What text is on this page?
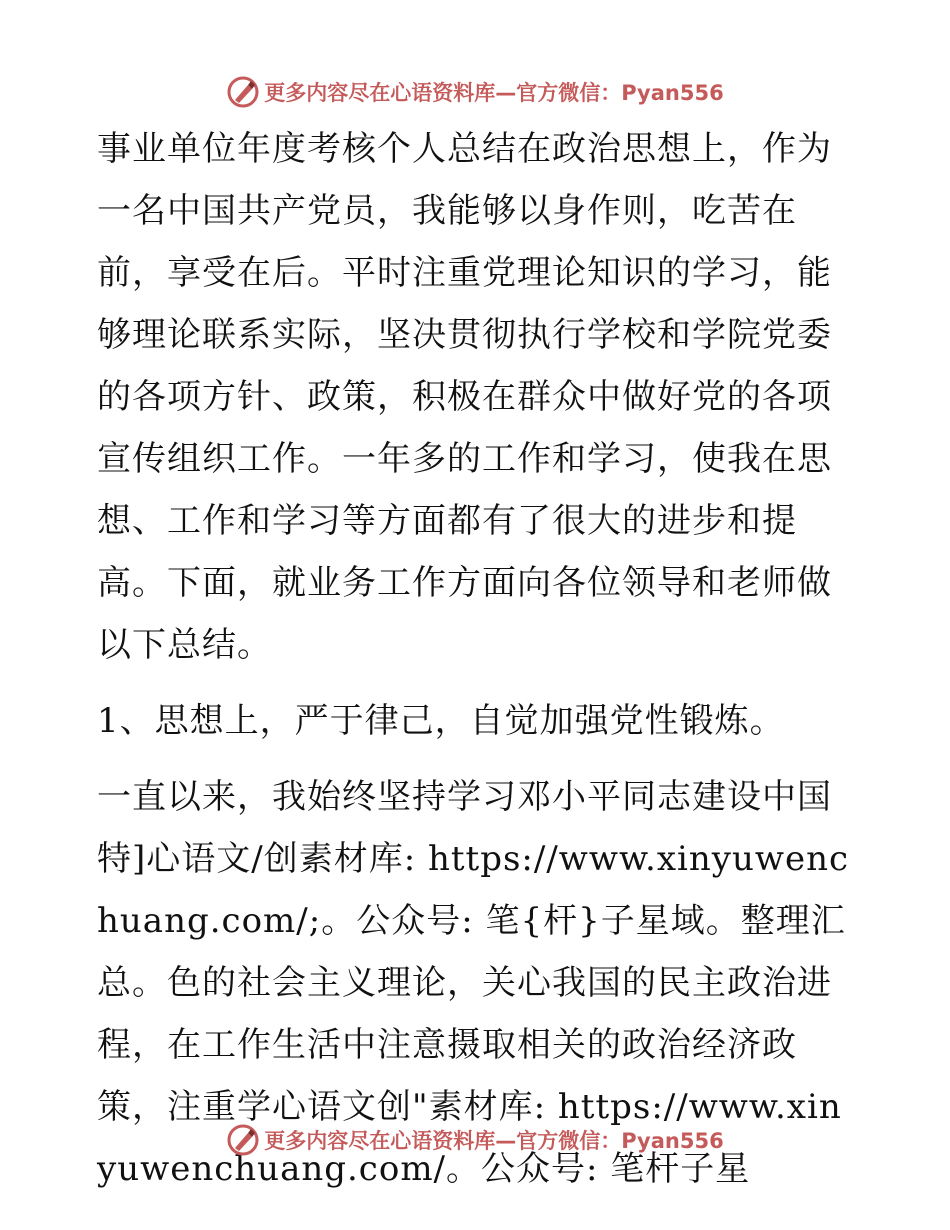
更多内容尽在心语资料库—官方微信：Pyan556

事业单位年度考核个人总结在政治思想上，作为一名中国共产党员，我能够以身作则，吃苦在前，享受在后。平时注重党理论知识的学习，能够理论联系实际，坚决贯彻执行学校和学院党委的各项方针、政策，积极在群众中做好党的各项宣传组织工作。一年多的工作和学习，使我在思想、工作和学习等方面都有了很大的进步和提高。下面，就业务工作方面向各位领导和老师做以下总结。

1、思想上，严于律己，自觉加强党性锻炼。

一直以来，我始终坚持学习邓小平同志建设中国特]心语文/创素材库: https://www.xinyuwenchuang.com/;。公众号: 笔{杆}子星域。整理汇总。色的社会主义理论，关心我国的民主政治进程，在工作生活中注意摄取相关的政治经济政策，注重学心语文创"素材库: https://www.xinyuwenchuang.com/。公众号: 笔杆子星

更多内容尽在心语资料库—官方微信：Pyan556
